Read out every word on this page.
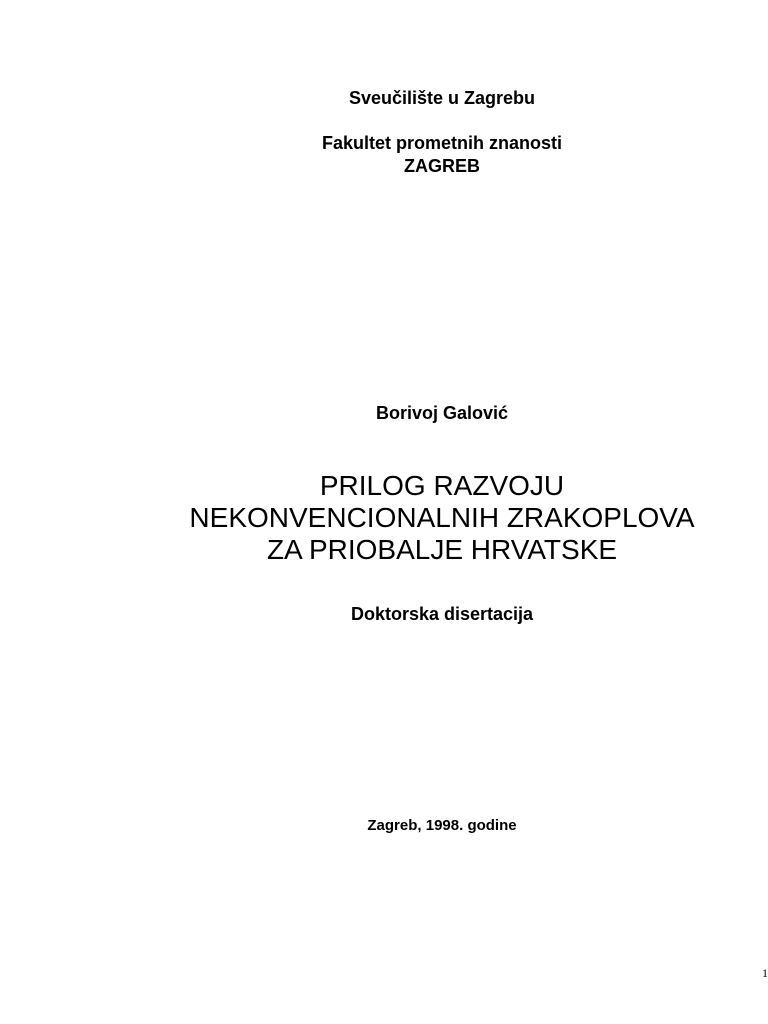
Sveučilište u Zagrebu
Fakultet prometnih znanosti
ZAGREB
Borivoj Galović
PRILOG RAZVOJU
NEKONVENCIONALNIH ZRAKOPLOVA
ZA PRIOBALJE HRVATSKE
Doktorska disertacija
Zagreb, 1998. godine
1
